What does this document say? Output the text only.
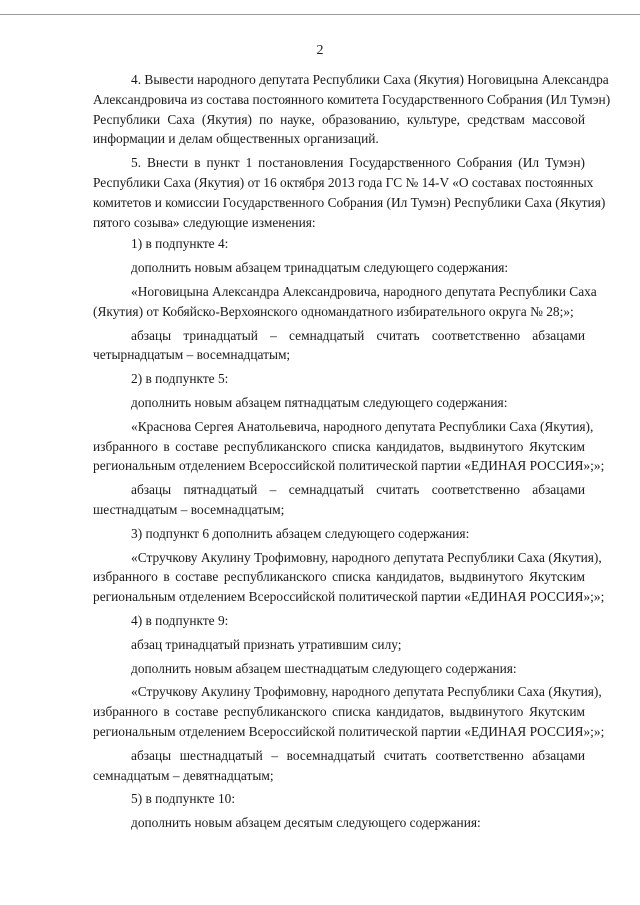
2

4. Вывести народного депутата Республики Саха (Якутия) Ноговицына Александра

Александровича из состава постоянного комитета Государственного Собрания (Ил Тумэн)

Республики Саха (Якутия) по науке, образованию, культуре, средствам массовой

информации и делам общественных организаций.

5. Внести в пункт 1 постановления Государственного Собрания (Ил Тумэн)

Республики Саха (Якутия) от 16 октября 2013 года ГС № 14-V «О составах постоянных

комитетов и комиссии Государственного Собрания (Ил Тумэн) Республики Саха (Якутия)

пятого созыва» следующие изменения:

1) в подпункте 4:

дополнить новым абзацем тринадцатым следующего содержания:

«Ноговицына Александра Александровича, народного депутата Республики Саха

(Якутия) от Кобяйско-Верхоянского одномандатного избирательного округа № 28;»;

абзацы тринадцатый – семнадцатый считать соответственно абзацами

четырнадцатым – восемнадцатым;

2) в подпункте 5:

дополнить новым абзацем пятнадцатым следующего содержания:

«Краснова Сергея Анатольевича, народного депутата Республики Саха (Якутия),

избранного в составе республиканского списка кандидатов, выдвинутого Якутским

региональным отделением Всероссийской политической партии «ЕДИНАЯ РОССИЯ»;»;

абзацы пятнадцатый – семнадцатый считать соответственно абзацами

шестнадцатым – восемнадцатым;

3) подпункт 6 дополнить абзацем следующего содержания:

«Стручкову Акулину Трофимовну, народного депутата Республики Саха (Якутия),

избранного в составе республиканского списка кандидатов, выдвинутого Якутским

региональным отделением Всероссийской политической партии «ЕДИНАЯ РОССИЯ»;»;

4) в подпункте 9:

абзац тринадцатый признать утратившим силу;

дополнить новым абзацем шестнадцатым следующего содержания:

«Стручкову Акулину Трофимовну, народного депутата Республики Саха (Якутия),

избранного в составе республиканского списка кандидатов, выдвинутого Якутским

региональным отделением Всероссийской политической партии «ЕДИНАЯ РОССИЯ»;»;

абзацы шестнадцатый – восемнадцатый считать соответственно абзацами

семнадцатым – девятнадцатым;

5) в подпункте 10:

дополнить новым абзацем десятым следующего содержания:
